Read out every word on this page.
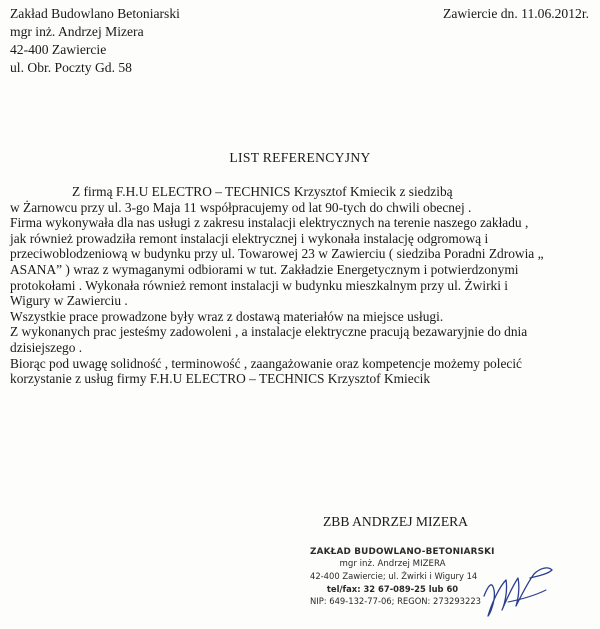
Zakład Budowlano Betoniarski
mgr inż. Andrzej Mizera
42-400 Zawiercie
ul. Obr. Poczty Gd. 58
Zawiercie dn. 11.06.2012r.
LIST REFERENCYJNY
Z firmą F.H.U ELECTRO – TECHNICS Krzysztof Kmiecik z siedzibą
w Żarnowcu przy ul. 3-go Maja 11 współpracujemy od lat 90-tych do chwili obecnej .
Firma wykonywała dla nas usługi z zakresu instalacji elektrycznych na terenie naszego zakładu ,
jak również prowadziła remont instalacji elektrycznej i wykonała instalację odgromową i
przeciwoblodzeniową w budynku przy ul. Towarowej 23 w Zawierciu ( siedziba Poradni Zdrowia „
ASANA” ) wraz z wymaganymi odbiorami w tut. Zakładzie Energetycznym i potwierdzonymi
protokołami . Wykonała również remont instalacji w budynku mieszkalnym przy ul. Żwirki i
Wigury w Zawierciu .
Wszystkie prace prowadzone były wraz z dostawą materiałów na miejsce usługi.
Z wykonanych prac jesteśmy zadowoleni , a instalacje elektryczne pracują bezawaryjnie do dnia
dzisiejszego .
Biorąc pod uwagę solidność , terminowość , zaangażowanie oraz kompetencje możemy polecić
korzystanie z usług firmy F.H.U ELECTRO – TECHNICS Krzysztof Kmiecik
ZBB ANDRZEJ MIZERA
ZAKŁAD BUDOWLANO-BETONIARSKI
mgr inż. Andrzej MIZERA
42-400 Zawiercie; ul. Żwirki i Wigury 14
tel/fax: 32 67-089-25 lub 60
NIP: 649-132-77-06; REGON: 273293223
